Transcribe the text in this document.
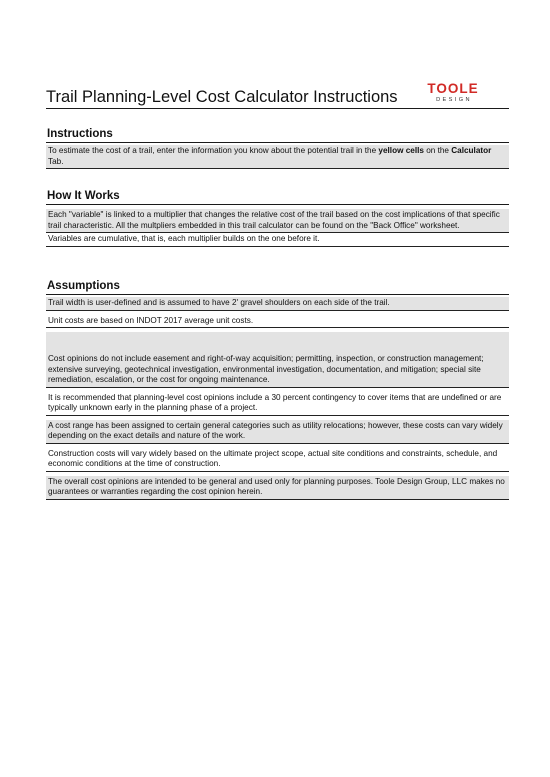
Trail Planning-Level Cost Calculator Instructions TOOLE
DESIGN
Instructions
To estimate the cost of a trail, enter the information you know about the potential trail in the yellow cells on the Calculator Tab.
How It Works
Each "variable" is linked to a multiplier that changes the relative cost of the trail based on the cost implications of that specific trail characteristic. All the multpliers embedded in this trail calculator can be found on the "Back Office" worksheet.
Variables are cumulative, that is, each multiplier builds on the one before it.
Assumptions
Trail width is user-defined and is assumed to have 2' gravel shoulders on each side of the trail.
Unit costs are based on INDOT 2017 average unit costs.
Cost opinions do not include easement and right-of-way acquisition; permitting, inspection, or construction management; extensive surveying, geotechnical investigation, environmental investigation, documentation, and mitigation; special site remediation, escalation, or the cost for ongoing maintenance.
It is recommended that planning-level cost opinions include a 30 percent contingency to cover items that are undefined or are typically unknown early in the planning phase of a project.
A cost range has been assigned to certain general categories such as utility relocations; however, these costs can vary widely depending on the exact details and nature of the work.
Construction costs will vary widely based on the ultimate project scope, actual site conditions and constraints, schedule, and economic conditions at the time of construction.
The overall cost opinions are intended to be general and used only for planning purposes. Toole Design Group, LLC makes no guarantees or warranties regarding the cost opinion herein.
